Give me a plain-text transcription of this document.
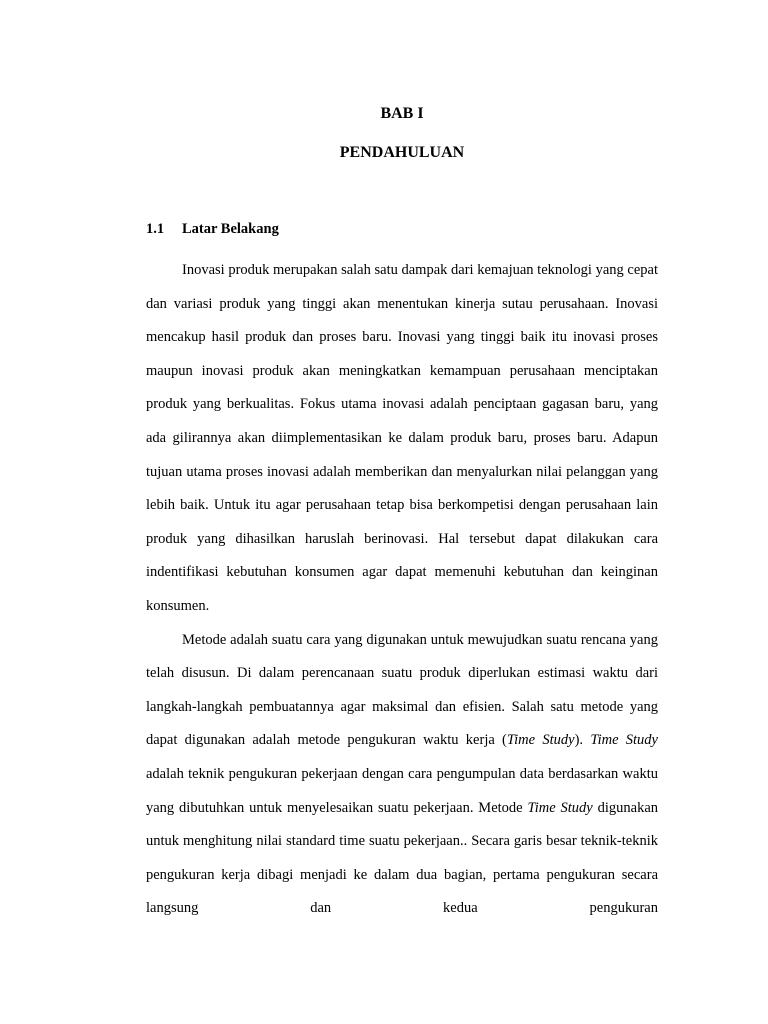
BAB I
PENDAHULUAN
1.1 Latar Belakang

Inovasi produk merupakan salah satu dampak dari kemajuan teknologi yang cepat dan variasi produk yang tinggi akan menentukan kinerja sutau perusahaan. Inovasi mencakup hasil produk dan proses baru. Inovasi yang tinggi baik itu inovasi proses maupun inovasi produk akan meningkatkan kemampuan perusahaan menciptakan produk yang berkualitas. Fokus utama inovasi adalah penciptaan gagasan baru, yang ada gilirannya akan diimplementasikan ke dalam produk baru, proses baru. Adapun tujuan utama proses inovasi adalah memberikan dan menyalurkan nilai pelanggan yang lebih baik. Untuk itu agar perusahaan tetap bisa berkompetisi dengan perusahaan lain produk yang dihasilkan haruslah berinovasi. Hal tersebut dapat dilakukan cara indentifikasi kebutuhan konsumen agar dapat memenuhi kebutuhan dan keinginan konsumen.

Metode adalah suatu cara yang digunakan untuk mewujudkan suatu rencana yang telah disusun. Di dalam perencanaan suatu produk diperlukan estimasi waktu dari langkah-langkah pembuatannya agar maksimal dan efisien. Salah satu metode yang dapat digunakan adalah metode pengukuran waktu kerja (Time Study). Time Study adalah teknik pengukuran pekerjaan dengan cara pengumpulan data berdasarkan waktu yang dibutuhkan untuk menyelesaikan suatu pekerjaan. Metode Time Study digunakan untuk menghitung nilai standard time suatu pekerjaan.. Secara garis besar teknik-teknik pengukuran kerja dibagi menjadi ke dalam dua bagian, pertama pengukuran secara langsung dan kedua pengukuran
